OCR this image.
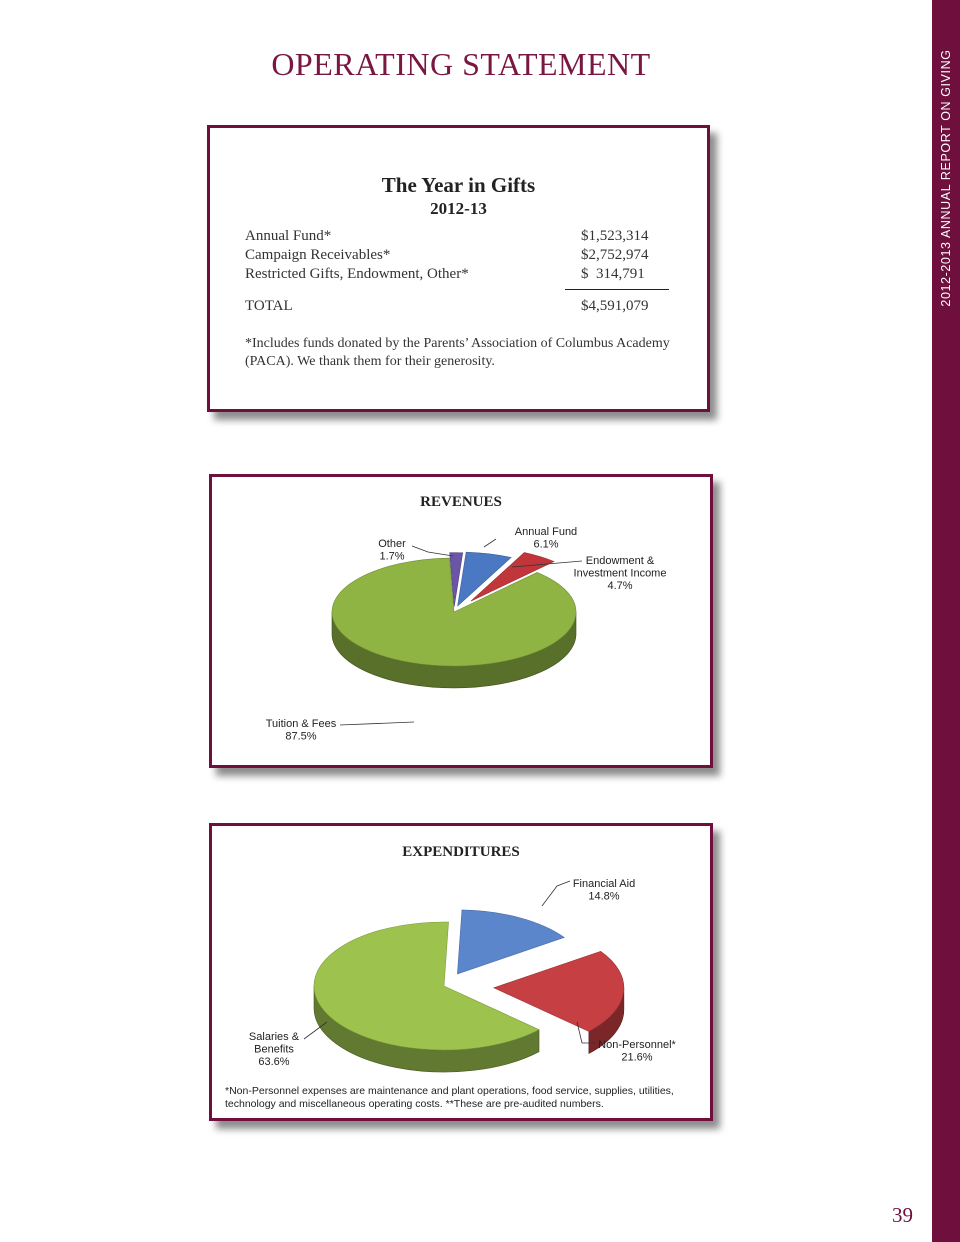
2012-2013 ANNUAL REPORT ON GIVING
OPERATING STATEMENT
The Year in Gifts
2012-13
Annual Fund*	$1,523,314
Campaign Receivables*	$2,752,974
Restricted Gifts, Endowment, Other*	$  314,791
TOTAL	$4,591,079
*Includes funds donated by the Parents’ Association of Columbus Academy (PACA). We thank them for their generosity.
REVENUES
Annual Fund 6.1%
Endowment & Investment Income 4.7%
Other 1.7%
Tuition & Fees 87.5%
EXPENDITURES
Financial Aid 14.8%
Non-Personnel* 21.6%
Salaries & Benefits 63.6%
*Non-Personnel expenses are maintenance and plant operations, food service, supplies, utilities, technology and miscellaneous operating costs. **These are pre-audited numbers.
39
